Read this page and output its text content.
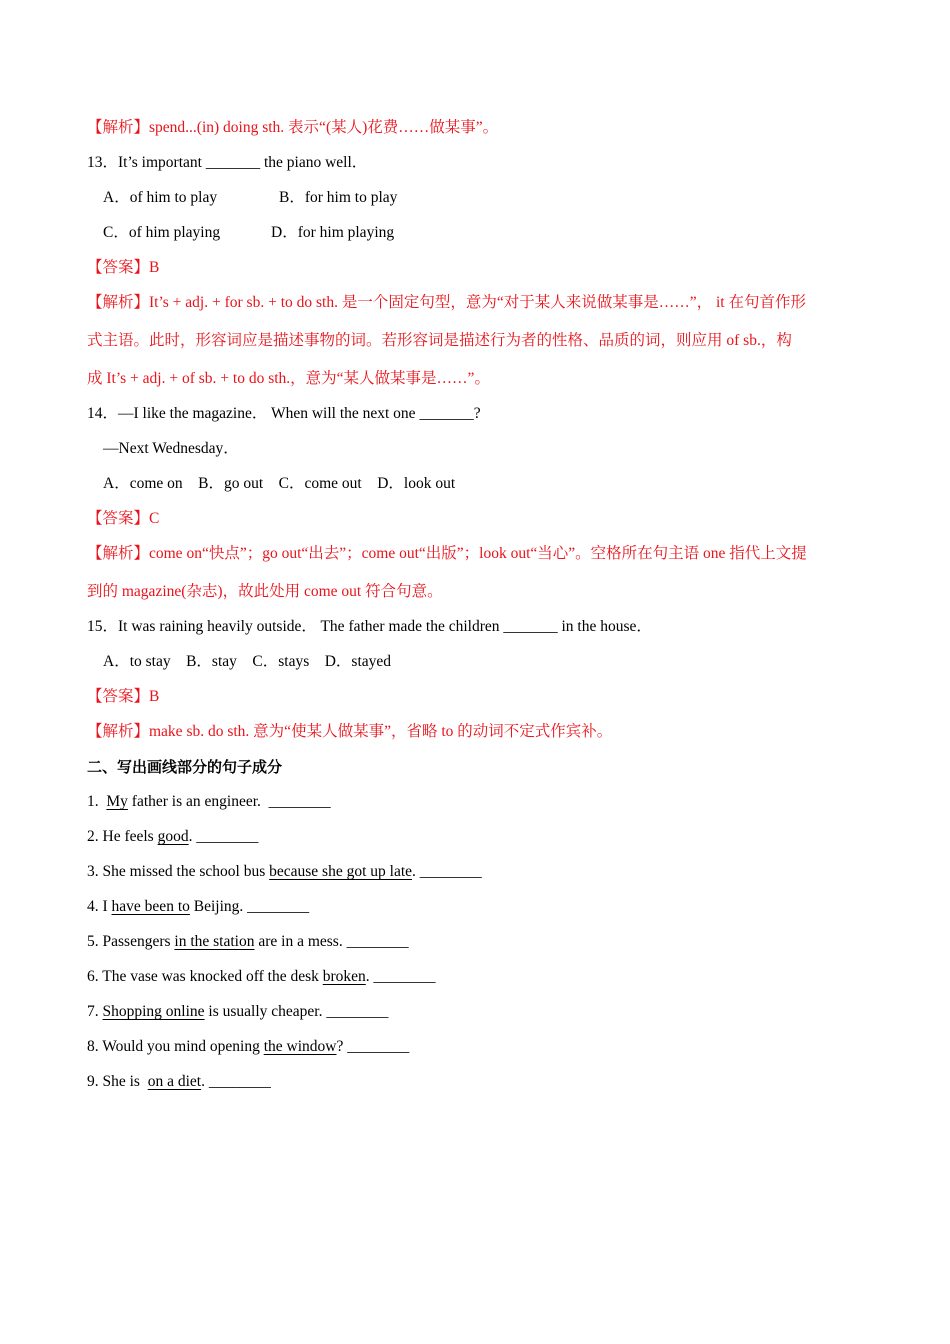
【解析】spend...(in) doing sth. 表示“(某人)花费……做某事”。
13．It’s important _______ the piano well．
A．of him to play	B．for him to play
C．of him playing	D．for him playing
【答案】B
【解析】It’s + adj. + for sb. + to do sth. 是一个固定句型，意为“对于某人来说做某事是……”， it 在句首作形
式主语。此时，形容词应是描述事物的词。若形容词是描述行为者的性格、品质的词，则应用 of sb.，构
成 It’s + adj. + of sb. + to do sth.，意为“某人做某事是……”。
14．—I like the magazine． When will the next one _______?
—Next Wednesday．
A．come on    B．go out    C．come out    D．look out
【答案】C
【解析】come on“快点”；go out“出去”；come out“出版”；look out“当心”。空格所在句主语 one 指代上文提
到的 magazine(杂志)，故此处用 come out 符合句意。
15．It was raining heavily outside． The father made the children _______ in the house．
A．to stay    B．stay    C．stays    D．stayed
【答案】B
【解析】make sb. do sth. 意为“使某人做某事”，省略 to 的动词不定式作宾补。
二、写出画线部分的句子成分
1.  My father is an engineer.  ________
2. He feels good. ________
3. She missed the school bus because she got up late. ________
4. I have been to Beijing. ________
5. Passengers in the station are in a mess. ________
6. The vase was knocked off the desk broken. ________
7. Shopping online is usually cheaper. ________
8. Would you mind opening the window? ________
9. She is  on a diet. ________
